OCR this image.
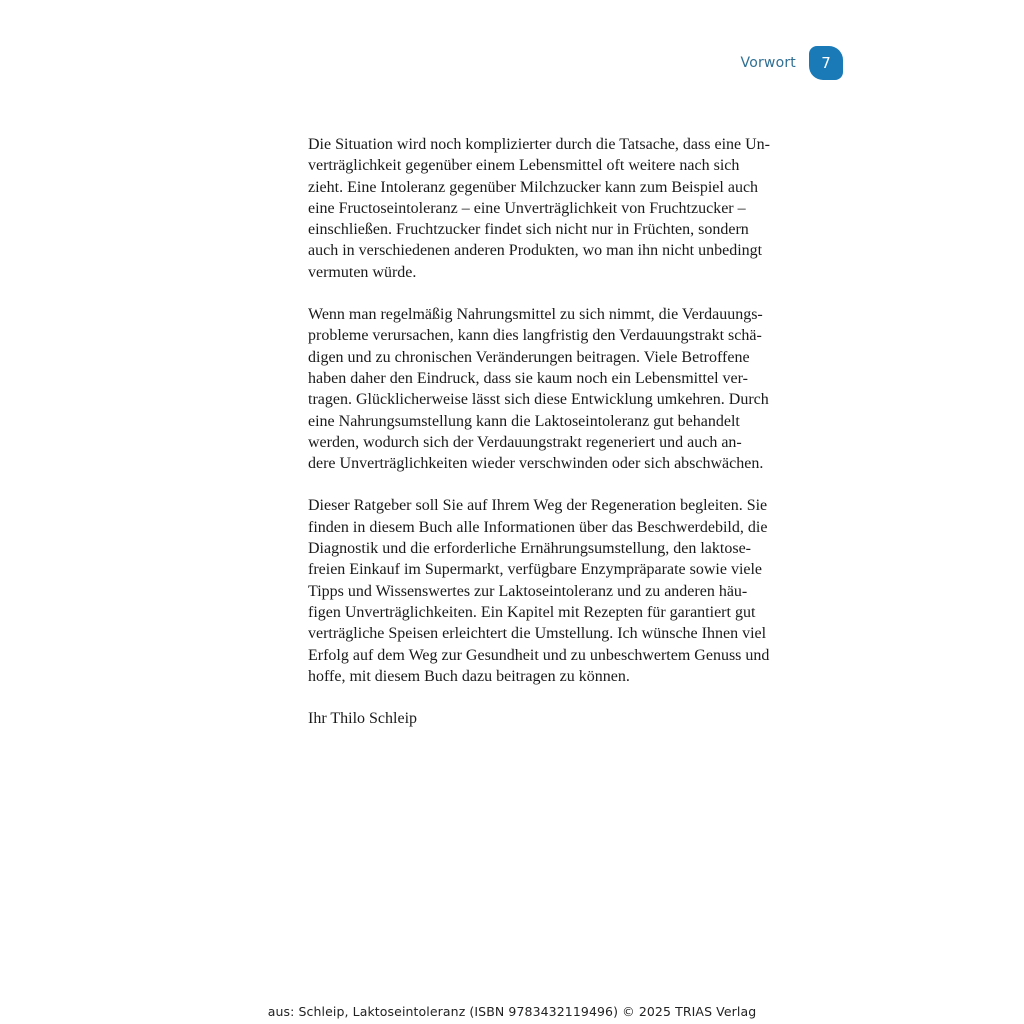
Vorwort	7

Die Situation wird noch komplizierter durch die Tatsache, dass eine Un-
verträglichkeit gegenüber einem Lebensmittel oft weitere nach sich
zieht. Eine Intoleranz gegenüber Milchzucker kann zum Beispiel auch
eine Fructoseintoleranz – eine Unverträglichkeit von Fruchtzucker –
einschließen. Fruchtzucker findet sich nicht nur in Früchten, sondern
auch in verschiedenen anderen Produkten, wo man ihn nicht unbedingt
vermuten würde.

Wenn man regelmäßig Nahrungsmittel zu sich nimmt, die Verdauungs-
probleme verursachen, kann dies langfristig den Verdauungstrakt schä-
digen und zu chronischen Veränderungen beitragen. Viele Betroffene
haben daher den Eindruck, dass sie kaum noch ein Lebensmittel ver-
tragen. Glücklicherweise lässt sich diese Entwicklung umkehren. Durch
eine Nahrungsumstellung kann die Laktoseintoleranz gut behandelt
werden, wodurch sich der Verdauungstrakt regeneriert und auch an-
dere Unverträglichkeiten wieder verschwinden oder sich abschwächen.

Dieser Ratgeber soll Sie auf Ihrem Weg der Regeneration begleiten. Sie
finden in diesem Buch alle Informationen über das Beschwerdebild, die
Diagnostik und die erforderliche Ernährungsumstellung, den laktose-
freien Einkauf im Supermarkt, verfügbare Enzympräparate sowie viele
Tipps und Wissenswertes zur Laktoseintoleranz und zu anderen häu-
figen Unverträglichkeiten. Ein Kapitel mit Rezepten für garantiert gut
verträgliche Speisen erleichtert die Umstellung. Ich wünsche Ihnen viel
Erfolg auf dem Weg zur Gesundheit und zu unbeschwertem Genuss und
hoffe, mit diesem Buch dazu beitragen zu können.

Ihr Thilo Schleip

aus: Schleip, Laktoseintoleranz (ISBN 9783432119496) © 2025 TRIAS Verlag
